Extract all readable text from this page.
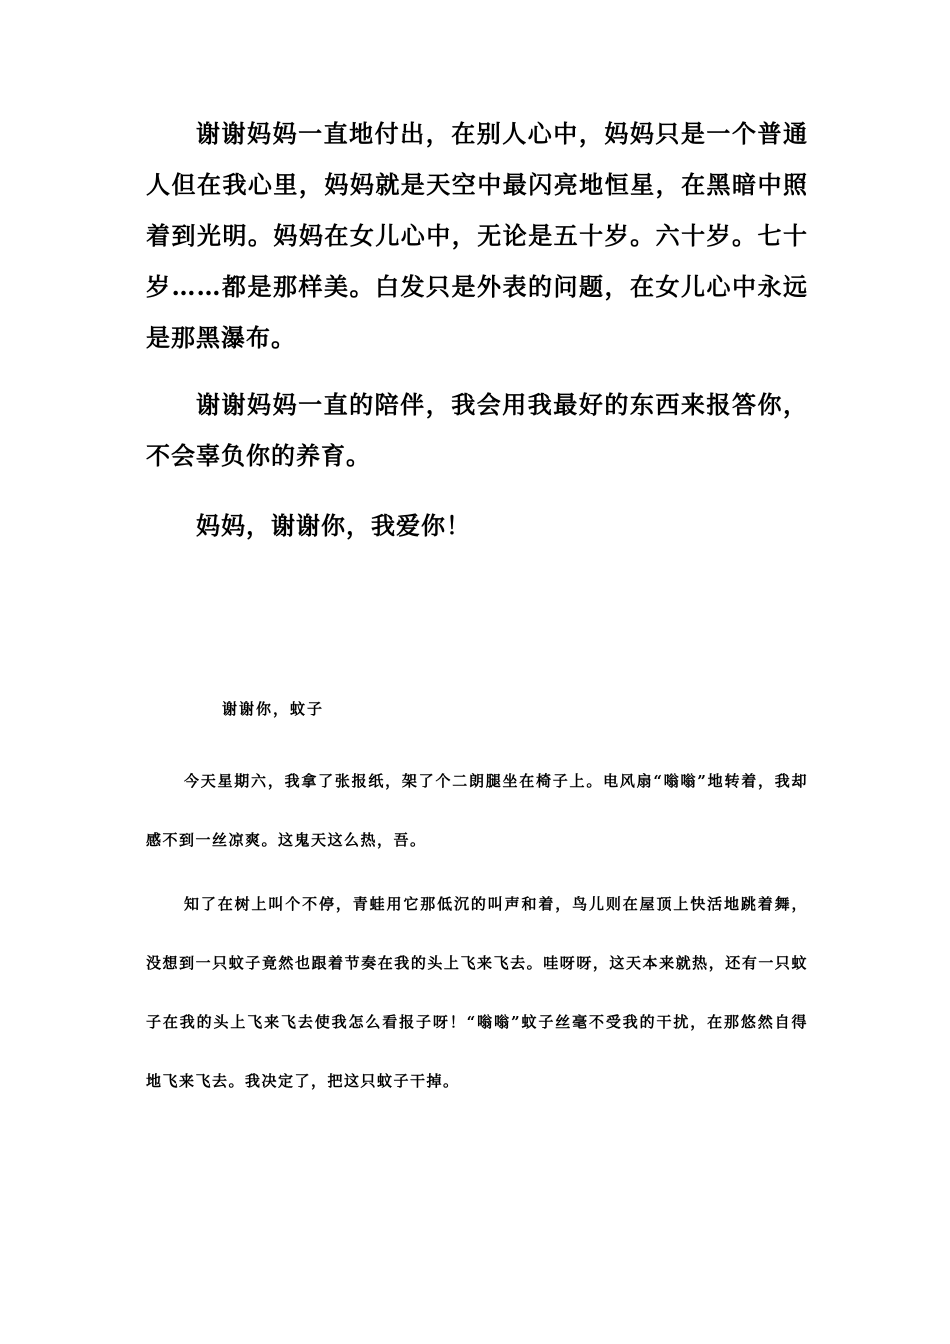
谢谢妈妈一直地付出，在别人心中，妈妈只是一个普通人但在我心里，妈妈就是天空中最闪亮地恒星，在黑暗中照着到光明。妈妈在女儿心中，无论是五十岁。六十岁。七十岁……都是那样美。白发只是外表的问题，在女儿心中永远是那黑瀑布。

谢谢妈妈一直的陪伴，我会用我最好的东西来报答你，不会辜负你的养育。

妈妈，谢谢你，我爱你！

谢谢你，蚊子

今天星期六，我拿了张报纸，架了个二朗腿坐在椅子上。电风扇“嗡嗡”地转着，我却感不到一丝凉爽。这鬼天这么热，吾。

知了在树上叫个不停，青蛙用它那低沉的叫声和着，鸟儿则在屋顶上快活地跳着舞，没想到一只蚊子竟然也跟着节奏在我的头上飞来飞去。哇呀呀，这天本来就热，还有一只蚊子在我的头上飞来飞去使我怎么看报子呀！“嗡嗡”蚊子丝毫不受我的干扰，在那悠然自得地飞来飞去。我决定了，把这只蚊子干掉。
